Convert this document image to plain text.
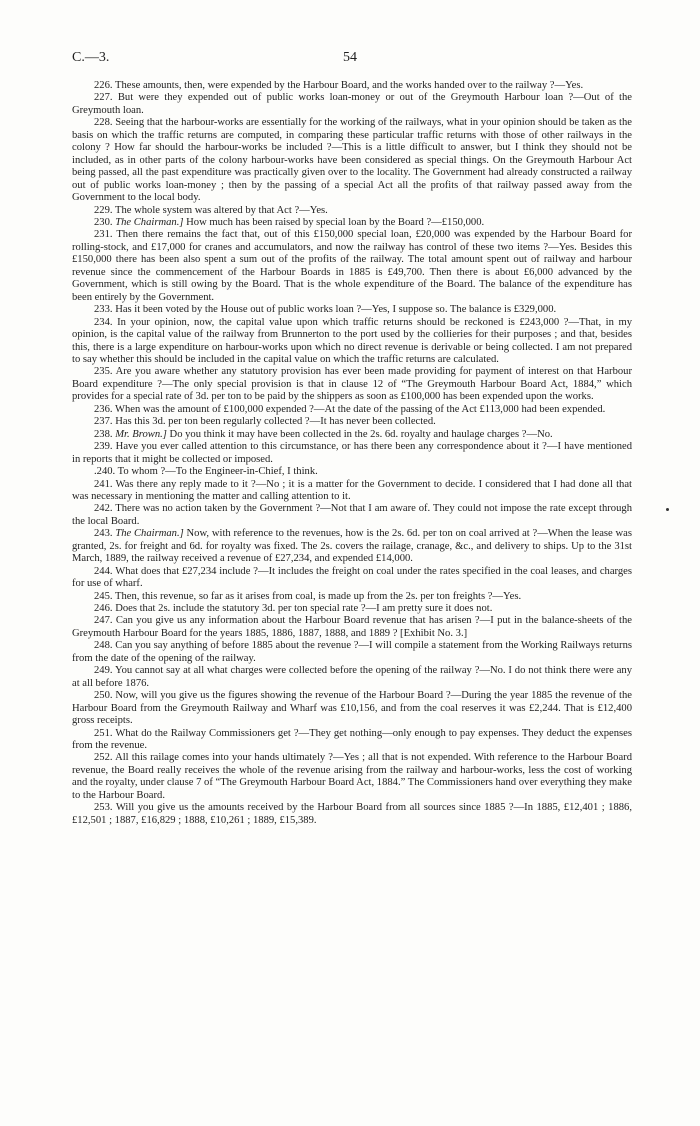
C.—3.	54

226. These amounts, then, were expended by the Harbour Board, and the works handed over to the railway ?—Yes.

227. But were they expended out of public works loan-money or out of the Greymouth Harbour loan ?—Out of the Greymouth loan.

228. Seeing that the harbour-works are essentially for the working of the railways, what in your opinion should be taken as the basis on which the traffic returns are computed, in comparing these particular traffic returns with those of other railways in the colony ? How far should the harbour-works be included ?—This is a little difficult to answer, but I think they should not be included, as in other parts of the colony harbour-works have been considered as special things. On the Greymouth Harbour Act being passed, all the past expenditure was practically given over to the locality. The Government had already constructed a railway out of public works loan-money ; then by the passing of a special Act all the profits of that railway passed away from the Government to the local body.

229. The whole system was altered by that Act ?—Yes.

230. The Chairman.] How much has been raised by special loan by the Board ?—£150,000.

231. Then there remains the fact that, out of this £150,000 special loan, £20,000 was expended by the Harbour Board for rolling-stock, and £17,000 for cranes and accumulators, and now the railway has control of these two items ?—Yes. Besides this £150,000 there has been also spent a sum out of the profits of the railway. The total amount spent out of railway and harbour revenue since the commencement of the Harbour Boards in 1885 is £49,700. Then there is about £6,000 advanced by the Government, which is still owing by the Board. That is the whole expenditure of the Board. The balance of the expenditure has been entirely by the Government.

233. Has it been voted by the House out of public works loan ?—Yes, I suppose so. The balance is £329,000.

234. In your opinion, now, the capital value upon which traffic returns should be reckoned is £243,000 ?—That, in my opinion, is the capital value of the railway from Brunnerton to the port used by the collieries for their purposes ; and that, besides this, there is a large expenditure on harbour-works upon which no direct revenue is derivable or being collected. I am not prepared to say whether this should be included in the capital value on which the traffic returns are calculated.

235. Are you aware whether any statutory provision has ever been made providing for payment of interest on that Harbour Board expenditure ?—The only special provision is that in clause 12 of “The Greymouth Harbour Board Act, 1884,” which provides for a special rate of 3d. per ton to be paid by the shippers as soon as £100,000 has been expended upon the works.

236. When was the amount of £100,000 expended ?—At the date of the passing of the Act £113,000 had been expended.

237. Has this 3d. per ton been regularly collected ?—It has never been collected.

238. Mr. Brown.] Do you think it may have been collected in the 2s. 6d. royalty and haulage charges ?—No.

239. Have you ever called attention to this circumstance, or has there been any correspondence about it ?—I have mentioned in reports that it might be collected or imposed.

.240. To whom ?—To the Engineer-in-Chief, I think.

241. Was there any reply made to it ?—No ; it is a matter for the Government to decide. I considered that I had done all that was necessary in mentioning the matter and calling attention to it.

242. There was no action taken by the Government ?—Not that I am aware of. They could not impose the rate except through the local Board.

243. The Chairman.] Now, with reference to the revenues, how is the 2s. 6d. per ton on coal arrived at ?—When the lease was granted, 2s. for freight and 6d. for royalty was fixed. The 2s. covers the railage, cranage, &c., and delivery to ships. Up to the 31st March, 1889, the railway received a revenue of £27,234, and expended £14,000.

244. What does that £27,234 include ?—It includes the freight on coal under the rates specified in the coal leases, and charges for use of wharf.

245. Then, this revenue, so far as it arises from coal, is made up from the 2s. per ton freights ?—Yes.

246. Does that 2s. include the statutory 3d. per ton special rate ?—I am pretty sure it does not.

247. Can you give us any information about the Harbour Board revenue that has arisen ?—I put in the balance-sheets of the Greymouth Harbour Board for the years 1885, 1886, 1887, 1888, and 1889 ? [Exhibit No. 3.]

248. Can you say anything of before 1885 about the revenue ?—I will compile a statement from the Working Railways returns from the date of the opening of the railway.

249. You cannot say at all what charges were collected before the opening of the railway ?—No. I do not think there were any at all before 1876.

250. Now, will you give us the figures showing the revenue of the Harbour Board ?—During the year 1885 the revenue of the Harbour Board from the Greymouth Railway and Wharf was £10,156, and from the coal reserves it was £2,244. That is £12,400 gross receipts.

251. What do the Railway Commissioners get ?—They get nothing—only enough to pay expenses. They deduct the expenses from the revenue.

252. All this railage comes into your hands ultimately ?—Yes ; all that is not expended. With reference to the Harbour Board revenue, the Board really receives the whole of the revenue arising from the railway and harbour-works, less the cost of working and the royalty, under clause 7 of “The Greymouth Harbour Board Act, 1884.” The Commissioners hand over everything they make to the Harbour Board.

253. Will you give us the amounts received by the Harbour Board from all sources since 1885 ?—In 1885, £12,401 ; 1886, £12,501 ; 1887, £16,829 ; 1888, £10,261 ; 1889, £15,389.
